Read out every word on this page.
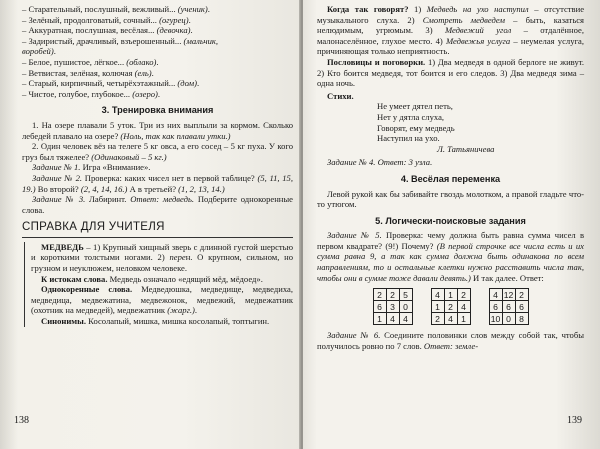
– Старательный, послушный, вежливый... (ученик).

– Зелёный, продолговатый, сочный... (огурец).

– Аккуратная, послушная, весёлая... (девочка).

– Задиристый, драчливый, взъерошенный... (мальчик,

воробей).

– Белое, пушистое, лёгкое... (облако).

– Ветвистая, зелёная, колючая (ель).

– Старый, кирпичный, четырёхэтажный... (дом).

– Чистое, голубое, глубокое... (озеро).

3. Тренировка внимания

1. На озере плавали 5 уток. Три из них выплыли за кормом. Сколько лебедей плавало на озере? (Ноль, так как плавали утки.)

2. Один человек вёз на телеге 5 кг овса, а его сосед – 5 кг пуха. У кого груз был тяжелее? (Одинаковый – 5 кг.)

Задание № 1. Игра «Внимание».

Задание № 2. Проверка: каких чисел нет в первой таблице? (5, 11, 15, 19.) Во второй? (2, 4, 14, 16.) А в третьей? (1, 2, 13, 14.)

Задание № 3. Лабиринт. Ответ: медведь. Подберите однокоренные слова.

СПРАВКА ДЛЯ УЧИТЕЛЯ

МЕДВЕДЬ – 1) Крупный хищный зверь с длинной густой шерстью и короткими толстыми ногами. 2) перен. О крупном, сильном, но грузном и неуклюжем, неловком человеке.

К истокам слова. Медведь означало «едящий мёд, мёдоед».

Однокоренные слова. Медведюшка, медведище, медведиха, медведица, медвежатина, медвежонок, медвежий, медвежатник (охотник на медведей), медвежатник (жарг.).

Синонимы. Косолапый, мишка, мишка косолапый, топтыгин.

138

Когда так говорят? 1) Медведь на ухо наступил – отсутствие музыкального слуха. 2) Смотреть медведем – быть, казаться нелюдимым, угрюмым. 3) Медвежий угол – отдалённое, малонаселённое, глухое место. 4) Медвежья услуга – неумелая услуга, причиняющая только неприятность.

Пословицы и поговорки. 1) Два медведя в одной берлоге не живут. 2) Кто боится медведя, тот боится и его следов. 3) Два медведя зима – одна ночь.

Стихи.

Не умеет дятел петь,

Нет у дятла слуха,

Говорят, ему медведь

Наступил на ухо.

Л. Татьяничева

Задание № 4. Ответ: 3 узла.

4. Весёлая переменка

Левой рукой как бы забивайте гвоздь молотком, а правой гладьте что-то утюгом.

5. Логически-поисковые задания

Задание № 5. Проверка: чему должна быть равна сумма чисел в первом квадрате? (9!) Почему? (В первой строчке все числа есть и их сумма равна 9, а так как сумма должна быть одинакова по всем направлениям, то и остальные клетки нужно расставить числа так, чтобы они в сумме тоже давали девять.) И так далее. Ответ:

2	2	5
6	3	0
1	4	4
4	1	2
1	2	4
2	4	1
4	12	2
6	6	6
10	0	8

Задание № 6. Соедините половинки слов между собой так, чтобы получилось ровно по 7 слов. Ответ: земле-

139
